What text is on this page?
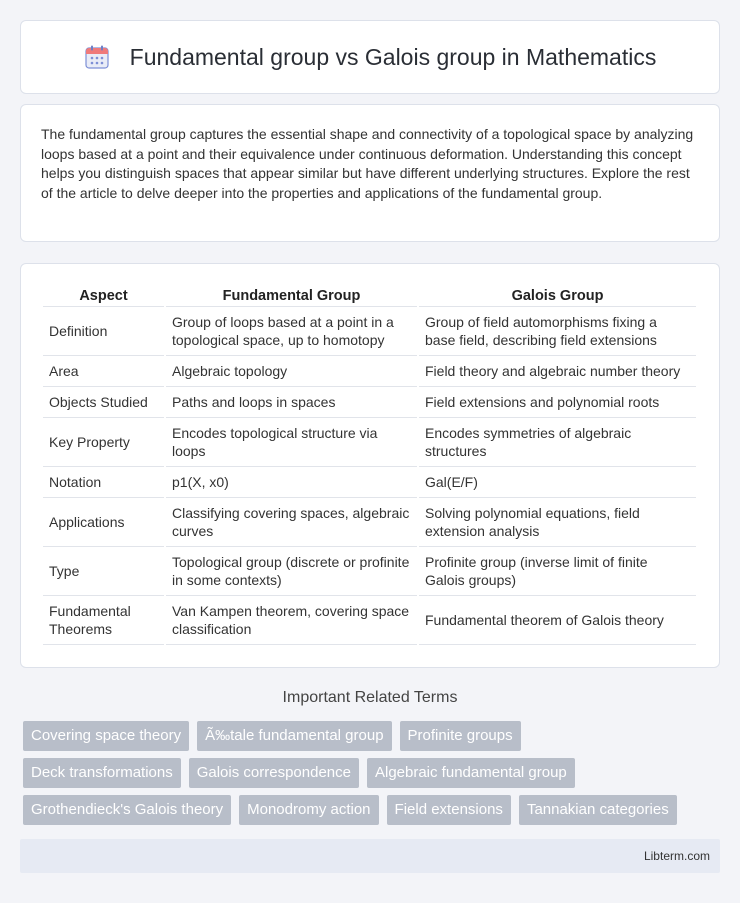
Fundamental group vs Galois group in Mathematics

The fundamental group captures the essential shape and connectivity of a topological space by analyzing loops based at a point and their equivalence under continuous deformation. Understanding this concept helps you distinguish spaces that appear similar but have different underlying structures. Explore the rest of the article to delve deeper into the properties and applications of the fundamental group.

Aspect	Fundamental Group	Galois Group
Definition	Group of loops based at a point in a topological space, up to homotopy	Group of field automorphisms fixing a base field, describing field extensions
Area	Algebraic topology	Field theory and algebraic number theory
Objects Studied	Paths and loops in spaces	Field extensions and polynomial roots
Key Property	Encodes topological structure via loops	Encodes symmetries of algebraic structures
Notation	p1(X, x0)	Gal(E/F)
Applications	Classifying covering spaces, algebraic curves	Solving polynomial equations, field extension analysis
Type	Topological group (discrete or profinite in some contexts)	Profinite group (inverse limit of finite Galois groups)
Fundamental Theorems	Van Kampen theorem, covering space classification	Fundamental theorem of Galois theory
Important Related Terms
Covering space theory	Ã‰tale fundamental group	Profinite groups
Deck transformations	Galois correspondence	Algebraic fundamental group
Grothendieck's Galois theory	Monodromy action	Field extensions	Tannakian categories
Libterm.com
